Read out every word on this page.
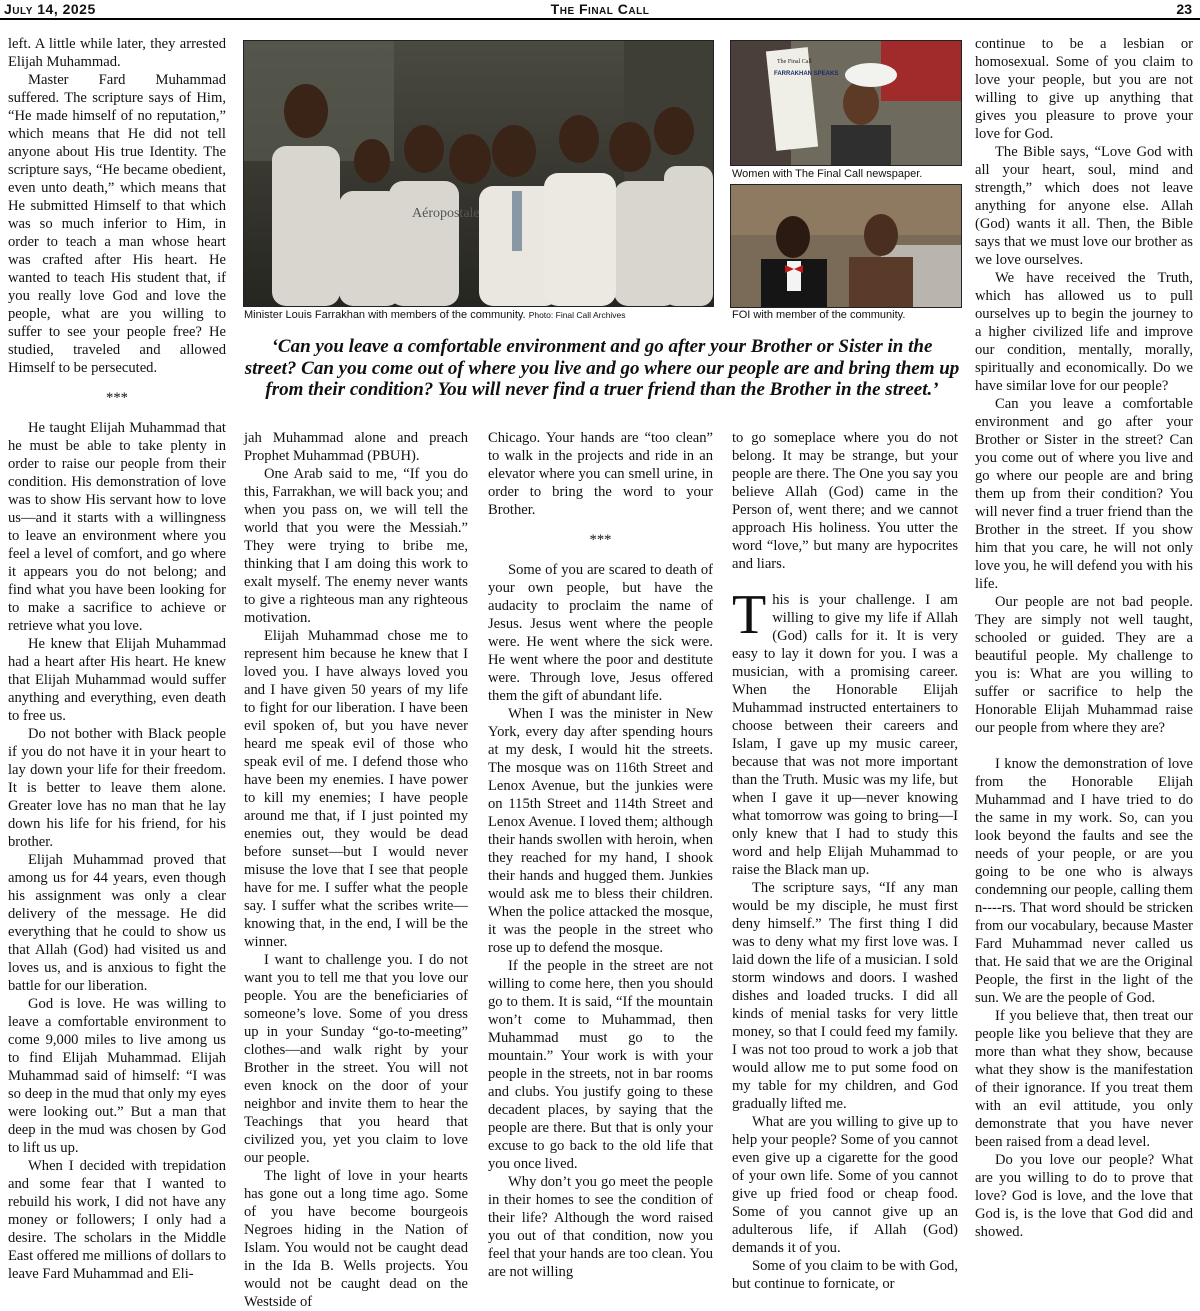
July 14, 2025	The Final Call	23

left. A little while later, they arrested Elijah Muhammad.

Master Fard Muhammad suffered. The scripture says of Him, “He made himself of no reputation,” which means that He did not tell anyone about His true Identity. The scripture says, “He became obedient, even unto death,” which means that He submitted Himself to that which was so much inferior to Him, in order to teach a man whose heart was crafted after His heart. He wanted to teach His student that, if you really love God and love the people, what are you willing to suffer to see your people free? He studied, traveled and allowed Himself to be persecuted.

***

He taught Elijah Muhammad that he must be able to take plenty in order to raise our people from their condition. His demonstration of love was to show His servant how to love us—and it starts with a willingness to leave an environment where you feel a level of comfort, and go where it appears you do not belong; and find what you have been looking for to make a sacrifice to achieve or retrieve what you love.

He knew that Elijah Muhammad had a heart after His heart. He knew that Elijah Muhammad would suffer anything and everything, even death to free us.

Do not bother with Black people if you do not have it in your heart to lay down your life for their freedom. It is better to leave them alone. Greater love has no man that he lay down his life for his friend, for his brother.

Elijah Muhammad proved that among us for 44 years, even though his assignment was only a clear delivery of the message. He did everything that he could to show us that Allah (God) had visited us and loves us, and is anxious to fight the battle for our liberation.

God is love. He was willing to leave a comfortable environment to come 9,000 miles to live among us to find Elijah Muhammad. Elijah Muhammad said of himself: “I was so deep in the mud that only my eyes were looking out.” But a man that deep in the mud was chosen by God to lift us up.

When I decided with trepidation and some fear that I wanted to rebuild his work, I did not have any money or followers; I only had a desire. The scholars in the Middle East offered me millions of dollars to leave Fard Muhammad and Eli-

Aéropostale
Minister Louis Farrakhan with members of the community. Photo: Final Call Archives
The Final Call
FARRAKHAN SPEAKS
Women with The Final Call newspaper.
FOI with member of the community.
‘Can you leave a comfortable environment and go after your Brother or Sister in the street? Can you come out of where you live and go where our people are and bring them up from their condition? You will never find a truer friend than the Brother in the street.’

jah Muhammad alone and preach Prophet Muhammad (PBUH).

One Arab said to me, “If you do this, Farrakhan, we will back you; and when you pass on, we will tell the world that you were the Messiah.” They were trying to bribe me, thinking that I am doing this work to exalt myself. The enemy never wants to give a righteous man any righteous motivation.

Elijah Muhammad chose me to represent him because he knew that I loved you. I have always loved you and I have given 50 years of my life to fight for our liberation. I have been evil spoken of, but you have never heard me speak evil of those who speak evil of me. I defend those who have been my enemies. I have power to kill my enemies; I have people around me that, if I just pointed my enemies out, they would be dead before sunset—but I would never misuse the love that I see that people have for me. I suffer what the people say. I suffer what the scribes write—knowing that, in the end, I will be the winner.

I want to challenge you. I do not want you to tell me that you love our people. You are the beneficiaries of someone’s love. Some of you dress up in your Sunday “go-to-meeting” clothes—and walk right by your Brother in the street. You will not even knock on the door of your neighbor and invite them to hear the Teachings that you heard that civilized you, yet you claim to love our people.

The light of love in your hearts has gone out a long time ago. Some of you have become bourgeois Negroes hiding in the Nation of Islam. You would not be caught dead in the Ida B. Wells projects. You would not be caught dead on the Westside of

Chicago. Your hands are “too clean” to walk in the projects and ride in an elevator where you can smell urine, in order to bring the word to your Brother.

***

Some of you are scared to death of your own people, but have the audacity to proclaim the name of Jesus. Jesus went where the people were. He went where the sick were. He went where the poor and destitute were. Through love, Jesus offered them the gift of abundant life.

When I was the minister in New York, every day after spending hours at my desk, I would hit the streets. The mosque was on 116th Street and Lenox Avenue, but the junkies were on 115th Street and 114th Street and Lenox Avenue. I loved them; although their hands swollen with heroin, when they reached for my hand, I shook their hands and hugged them. Junkies would ask me to bless their children. When the police attacked the mosque, it was the people in the street who rose up to defend the mosque.

If the people in the street are not willing to come here, then you should go to them. It is said, “If the mountain won’t come to Muhammad, then Muhammad must go to the mountain.” Your work is with your people in the streets, not in bar rooms and clubs. You justify going to these decadent places, by saying that the people are there. But that is only your excuse to go back to the old life that you once lived.

Why don’t you go meet the people in their homes to see the condition of their life? Although the word raised you out of that condition, now you feel that your hands are too clean. You are not willing

to go someplace where you do not belong. It may be strange, but your people are there. The One you say you believe Allah (God) came in the Person of, went there; and we cannot approach His holiness. You utter the word “love,” but many are hypocrites and liars.

This is your challenge. I am willing to give my life if Allah (God) calls for it. It is very easy to lay it down for you. I was a musician, with a promising career. When the Honorable Elijah Muhammad instructed entertainers to choose between their careers and Islam, I gave up my music career, because that was not more important than the Truth. Music was my life, but when I gave it up—never knowing what tomorrow was going to bring—I only knew that I had to study this word and help Elijah Muhammad to raise the Black man up.

The scripture says, “If any man would be my disciple, he must first deny himself.” The first thing I did was to deny what my first love was. I laid down the life of a musician. I sold storm windows and doors. I washed dishes and loaded trucks. I did all kinds of menial tasks for very little money, so that I could feed my family. I was not too proud to work a job that would allow me to put some food on my table for my children, and God gradually lifted me.

What are you willing to give up to help your people? Some of you cannot even give up a cigarette for the good of your own life. Some of you cannot give up fried food or cheap food. Some of you cannot give up an adulterous life, if Allah (God) demands it of you.

Some of you claim to be with God, but continue to fornicate, or

continue to be a lesbian or homosexual. Some of you claim to love your people, but you are not willing to give up anything that gives you pleasure to prove your love for God.

The Bible says, “Love God with all your heart, soul, mind and strength,” which does not leave anything for anyone else. Allah (God) wants it all. Then, the Bible says that we must love our brother as we love ourselves.

We have received the Truth, which has allowed us to pull ourselves up to begin the journey to a higher civilized life and improve our condition, mentally, morally, spiritually and economically. Do we have similar love for our people?

Can you leave a comfortable environment and go after your Brother or Sister in the street? Can you come out of where you live and go where our people are and bring them up from their condition? You will never find a truer friend than the Brother in the street. If you show him that you care, he will not only love you, he will defend you with his life.

Our people are not bad people. They are simply not well taught, schooled or guided. They are a beautiful people. My challenge to you is: What are you willing to suffer or sacrifice to help the Honorable Elijah Muhammad raise our people from where they are?

I know the demonstration of love from the Honorable Elijah Muhammad and I have tried to do the same in my work. So, can you look beyond the faults and see the needs of your people, or are you going to be one who is always condemning our people, calling them n----rs. That word should be stricken from our vocabulary, because Master Fard Muhammad never called us that. He said that we are the Original People, the first in the light of the sun. We are the people of God.

If you believe that, then treat our people like you believe that they are more than what they show, because what they show is the manifestation of their ignorance. If you treat them with an evil attitude, you only demonstrate that you have never been raised from a dead level.

Do you love our people? What are you willing to do to prove that love? God is love, and the love that God is, is the love that God did and showed.
